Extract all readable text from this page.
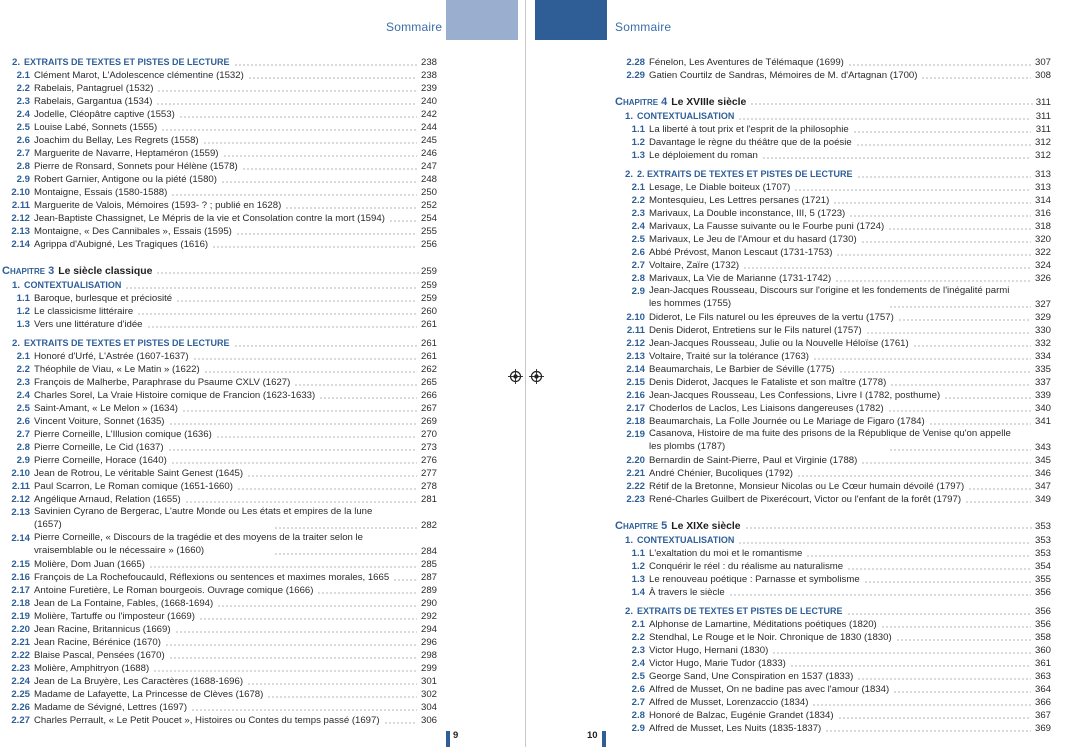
Sommaire
2. EXTRAITS DE TEXTES ET PISTES DE LECTURE	238
2.1 Clément Marot, L'Adolescence clémentine (1532)	238
2.2 Rabelais, Pantagruel (1532)	239
2.3 Rabelais, Gargantua (1534)	240
2.4 Jodelle, Cléopâtre captive (1553)	242
2.5 Louise Labé, Sonnets (1555)	244
2.6 Joachim du Bellay, Les Regrets (1558)	245
2.7 Marguerite de Navarre, Heptaméron (1559)	246
2.8 Pierre de Ronsard, Sonnets pour Hélène (1578)	247
2.9 Robert Garnier, Antigone ou la piété (1580)	248
2.10 Montaigne, Essais (1580-1588)	250
2.11 Marguerite de Valois, Mémoires (1593- ? ; publié en 1628)	252
2.12 Jean-Baptiste Chassignet, Le Mépris de la vie et Consolation contre la mort (1594)	254
2.13 Montaigne, « Des Cannibales », Essais (1595)	255
2.14 Agrippa d'Aubigné, Les Tragiques (1616)	256
Chapitre 3 Le siècle classique	259
1. CONTEXTUALISATION	259
1.1 Baroque, burlesque et préciosité	259
1.2 Le classicisme littéraire	260
1.3 Vers une littérature d'idée	261
2. EXTRAITS DE TEXTES ET PISTES DE LECTURE	261
2.1 Honoré d'Urfé, L'Astrée (1607-1637)	261
2.2 Théophile de Viau, « Le Matin » (1622)	262
2.3 François de Malherbe, Paraphrase du Psaume CXLV (1627)	265
2.4 Charles Sorel, La Vraie Histoire comique de Francion (1623-1633)	266
2.5 Saint-Amant, « Le Melon » (1634)	267
2.6 Vincent Voiture, Sonnet (1635)	269
2.7 Pierre Corneille, L'Illusion comique (1636)	270
2.8 Pierre Corneille, Le Cid (1637)	273
2.9 Pierre Corneille, Horace (1640)	276
2.10 Jean de Rotrou, Le véritable Saint Genest (1645)	277
2.11 Paul Scarron, Le Roman comique (1651-1660)	278
2.12 Angélique Arnaud, Relation (1655)	281
2.13 Savinien Cyrano de Bergerac, L'autre Monde ou Les états et empires de la lune (1657)	282
2.14 Pierre Corneille, « Discours de la tragédie et des moyens de la traiter selon le vraisemblable ou le nécessaire » (1660)	284
2.15 Molière, Dom Juan (1665)	285
2.16 François de La Rochefoucauld, Réflexions ou sentences et maximes morales, 1665	287
2.17 Antoine Furetière, Le Roman bourgeois. Ouvrage comique (1666)	289
2.18 Jean de La Fontaine, Fables, (1668-1694)	290
2.19 Molière, Tartuffe ou l'imposteur (1669)	292
2.20 Jean Racine, Britannicus (1669)	294
2.21 Jean Racine, Bérénice (1670)	296
2.22 Blaise Pascal, Pensées (1670)	298
2.23 Molière, Amphitryon (1688)	299
2.24 Jean de La Bruyère, Les Caractères (1688-1696)	301
2.25 Madame de Lafayette, La Princesse de Clèves (1678)	302
2.26 Madame de Sévigné, Lettres (1697)	304
2.27 Charles Perrault, « Le Petit Poucet », Histoires ou Contes du temps passé (1697)	306
9
Sommaire
2.28 Fénelon, Les Aventures de Télémaque (1699)	307
2.29 Gatien Courtilz de Sandras, Mémoires de M. d'Artagnan (1700)	308
Chapitre 4 Le XVIIIe siècle	311
1. CONTEXTUALISATION	311
1.1 La liberté à tout prix et l'esprit de la philosophie	311
1.2 Davantage le règne du théâtre que de la poésie	312
1.3 Le déploiement du roman	312
2. 2. EXTRAITS DE TEXTES ET PISTES DE LECTURE	313
2.1 Lesage, Le Diable boiteux (1707)	313
2.2 Montesquieu, Les Lettres persanes (1721)	314
2.3 Marivaux, La Double inconstance, III, 5 (1723)	316
2.4 Marivaux, La Fausse suivante ou le Fourbe puni (1724)	318
2.5 Marivaux, Le Jeu de l'Amour et du hasard (1730)	320
2.6 Abbé Prévost, Manon Lescaut (1731-1753)	322
2.7 Voltaire, Zaïre (1732)	324
2.8 Marivaux, La Vie de Marianne (1731-1742)	326
2.9 Jean-Jacques Rousseau, Discours sur l'origine et les fondements de l'inégalité parmi les hommes (1755)	327
2.10 Diderot, Le Fils naturel ou les épreuves de la vertu (1757)	329
2.11 Denis Diderot, Entretiens sur le Fils naturel (1757)	330
2.12 Jean-Jacques Rousseau, Julie ou la Nouvelle Héloïse (1761)	332
2.13 Voltaire, Traité sur la tolérance (1763)	334
2.14 Beaumarchais, Le Barbier de Séville (1775)	335
2.15 Denis Diderot, Jacques le Fataliste et son maître (1778)	337
2.16 Jean-Jacques Rousseau, Les Confessions, Livre I (1782, posthume)	339
2.17 Choderlos de Laclos, Les Liaisons dangereuses (1782)	340
2.18 Beaumarchais, La Folle Journée ou Le Mariage de Figaro (1784)	341
2.19 Casanova, Histoire de ma fuite des prisons de la République de Venise qu'on appelle les plombs (1787)	343
2.20 Bernardin de Saint-Pierre, Paul et Virginie (1788)	345
2.21 André Chénier, Bucoliques (1792)	346
2.22 Rétif de la Bretonne, Monsieur Nicolas ou Le Cœur humain dévoilé (1797)	347
2.23 René-Charles Guilbert de Pixerécourt, Victor ou l'enfant de la forêt (1797)	349
Chapitre 5 Le XIXe siècle	353
1. CONTEXTUALISATION	353
1.1 L'exaltation du moi et le romantisme	353
1.2 Conquérir le réel : du réalisme au naturalisme	354
1.3 Le renouveau poétique : Parnasse et symbolisme	355
1.4 À travers le siècle	356
2. EXTRAITS DE TEXTES ET PISTES DE LECTURE	356
2.1 Alphonse de Lamartine, Méditations poétiques (1820)	356
2.2 Stendhal, Le Rouge et le Noir. Chronique de 1830 (1830)	358
2.3 Victor Hugo, Hernani (1830)	360
2.4 Victor Hugo, Marie Tudor (1833)	361
2.5 George Sand, Une Conspiration en 1537 (1833)	363
2.6 Alfred de Musset, On ne badine pas avec l'amour (1834)	364
2.7 Alfred de Musset, Lorenzaccio (1834)	366
2.8 Honoré de Balzac, Eugénie Grandet (1834)	367
2.9 Alfred de Musset, Les Nuits (1835-1837)	369
10
